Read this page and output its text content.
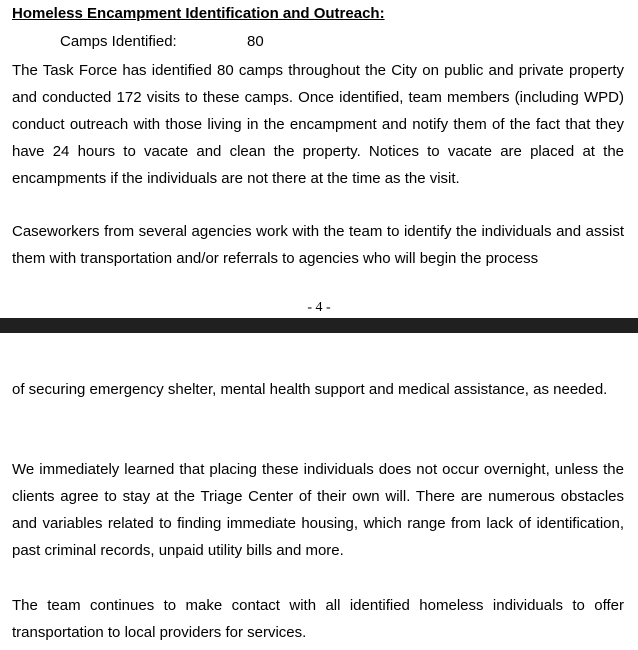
Homeless Encampment Identification and Outreach:
Camps Identified:	80

The Task Force has identified 80 camps throughout the City on public and private property and conducted 172 visits to these camps. Once identified, team members (including WPD) conduct outreach with those living in the encampment and notify them of the fact that they have 24 hours to vacate and clean the property. Notices to vacate are placed at the encampments if the individuals are not there at the time as the visit.

Caseworkers from several agencies work with the team to identify the individuals and assist them with transportation and/or referrals to agencies who will begin the process

- 4 -

of securing emergency shelter, mental health support and medical assistance, as needed.

We immediately learned that placing these individuals does not occur overnight, unless the clients agree to stay at the Triage Center of their own will. There are numerous obstacles and variables related to finding immediate housing, which range from lack of identification, past criminal records, unpaid utility bills and more.

The team continues to make contact with all identified homeless individuals to offer transportation to local providers for services.
